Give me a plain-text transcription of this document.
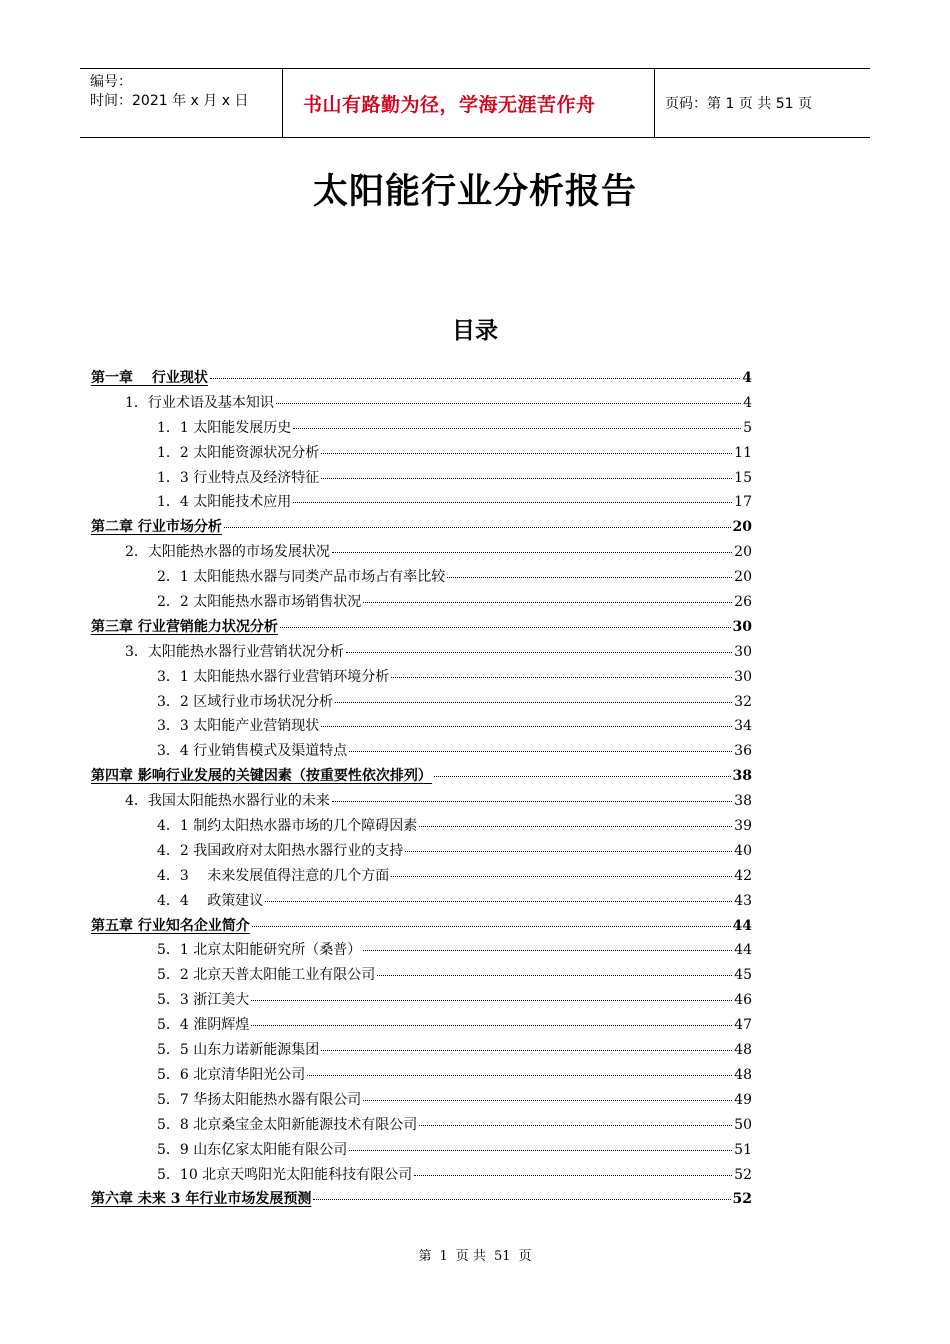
编号：
时间：2021 年 x 月 x 日	书山有路勤为径，学海无涯苦作舟	页码：第 1 页 共 51 页
太阳能行业分析报告
目录
第一章　 行业现状	4
1．行业术语及基本知识	4
1．1 太阳能发展历史	5
1．2 太阳能资源状况分析	11
1．3 行业特点及经济特征	15
1．4 太阳能技术应用	17
第二章 行业市场分析	20
2．太阳能热水器的市场发展状况	20
2．1 太阳能热水器与同类产品市场占有率比较	20
2．2 太阳能热水器市场销售状况	26
第三章 行业营销能力状况分析	30
3．太阳能热水器行业营销状况分析	30
3．1 太阳能热水器行业营销环境分析	30
3．2 区域行业市场状况分析	32
3．3 太阳能产业营销现状	34
3．4 行业销售模式及渠道特点	36
第四章 影响行业发展的关键因素（按重要性依次排列）	38
4．我国太阳能热水器行业的未来	38
4．1 制约太阳热水器市场的几个障碍因素	39
4．2 我国政府对太阳热水器行业的支持	40
4．3　 未来发展值得注意的几个方面	42
4．4　 政策建议	43
第五章 行业知名企业简介	44
5．1 北京太阳能研究所（桑普）	44
5．2 北京天普太阳能工业有限公司	45
5．3 浙江美大	46
5．4 淮阴辉煌	47
5．5 山东力诺新能源集团	48
5．6 北京清华阳光公司	48
5．7 华扬太阳能热水器有限公司	49
5．8 北京桑宝金太阳新能源技术有限公司	50
5．9 山东亿家太阳能有限公司	51
5．10 北京天鸣阳光太阳能科技有限公司	52
第六章 未来 3 年行业市场发展预测	52
第 1 页 共 51 页
